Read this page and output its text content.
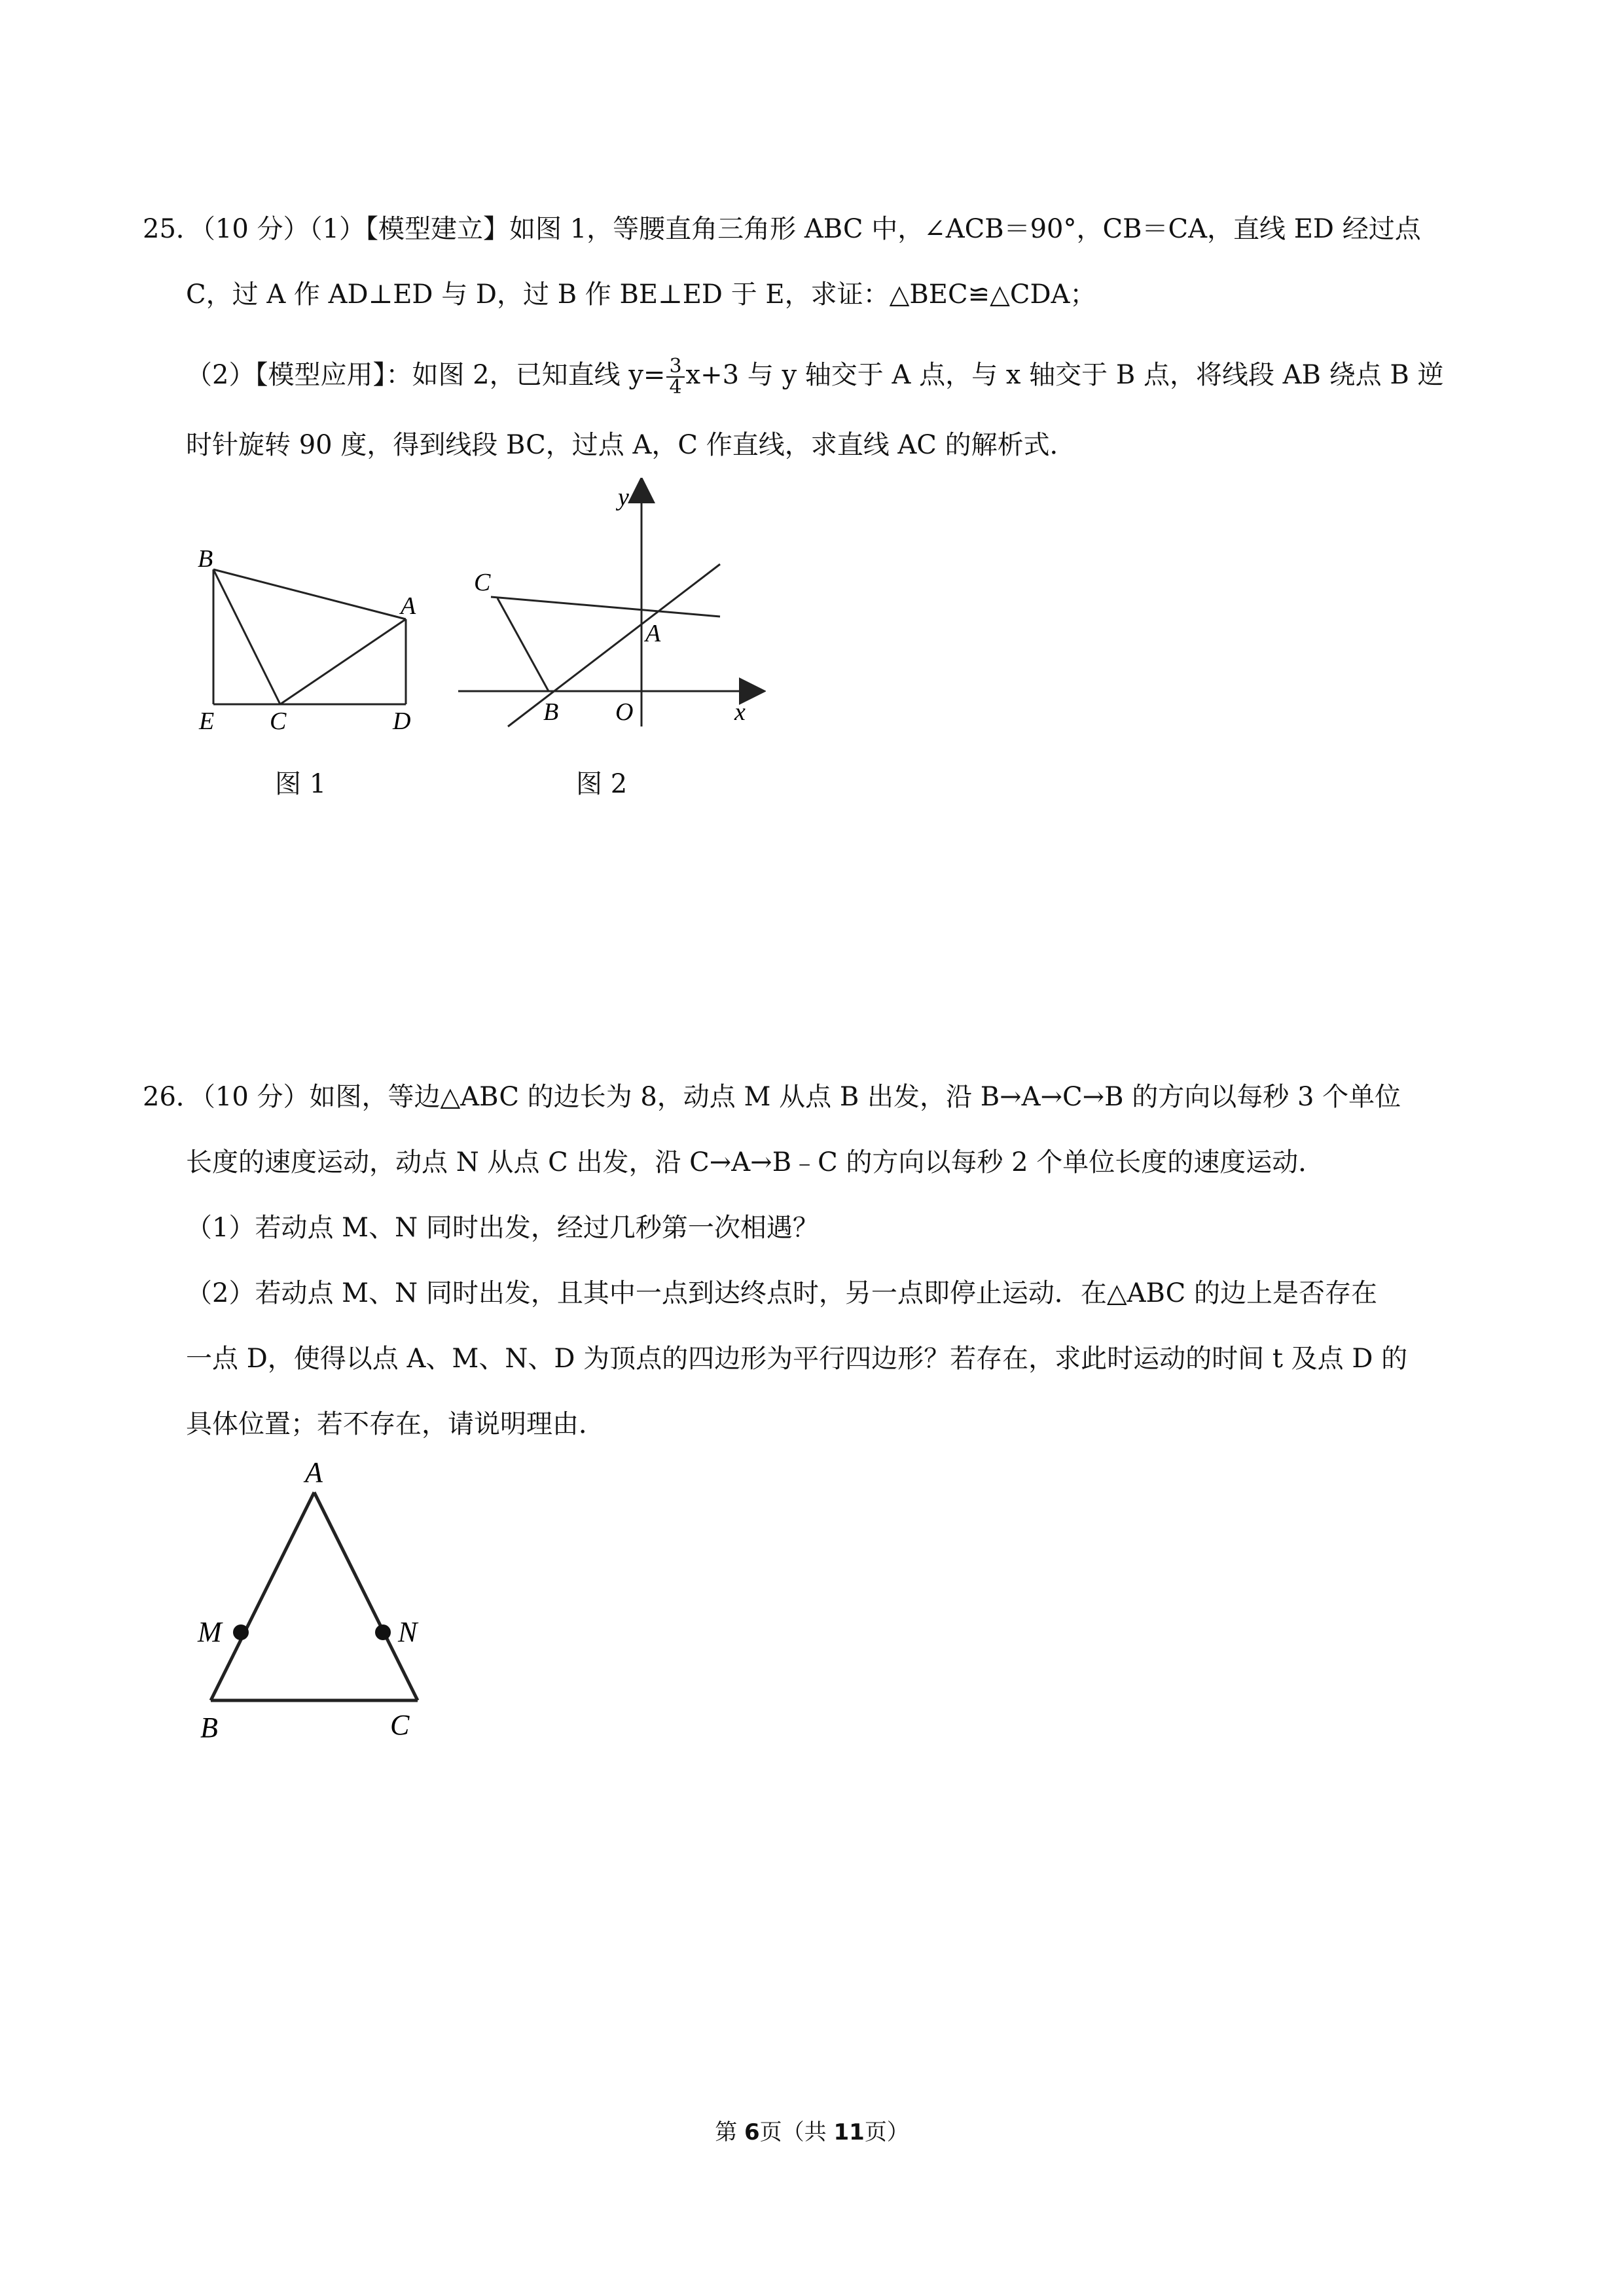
25．（10 分）（1）【模型建立】如图 1，等腰直角三角形 ABC 中，∠ACB＝90°，CB＝CA，直线 ED 经过点
C，过 A 作 AD⊥ED 与 D，过 B 作 BE⊥ED 于 E，求证：△BEC≌△CDA；
（2）【模型应用】：如图 2，已知直线 $y= \frac{3}{4} x+3$ 与 y 轴交于 A 点，与 x 轴交于 B 点，将线段 AB 绕点 B 逆
时针旋转 90 度，得到线段 BC，过点 A，C 作直线，求直线 AC 的解析式．
B
A
E C	D
图 1
y
C
A
B O	x
图 2
26．（10 分）如图，等边△ABC 的边长为 8，动点 M 从点 B 出发，沿 B→A→C→B 的方向以每秒 3 个单位
长度的速度运动，动点 N 从点 C 出发，沿 C→A→B﹣C 的方向以每秒 2 个单位长度的速度运动．
（1）若动点 M、N 同时出发，经过几秒第一次相遇？
（2）若动点 M、N 同时出发，且其中一点到达终点时，另一点即停止运动．在△ABC 的边上是否存在
一点 D，使得以点 A、M、N、D 为顶点的四边形为平行四边形？若存在，求此时运动的时间 t 及点 D 的
具体位置；若不存在，请说明理由．
A
M	N
B	C
第 6页（共 11页）
